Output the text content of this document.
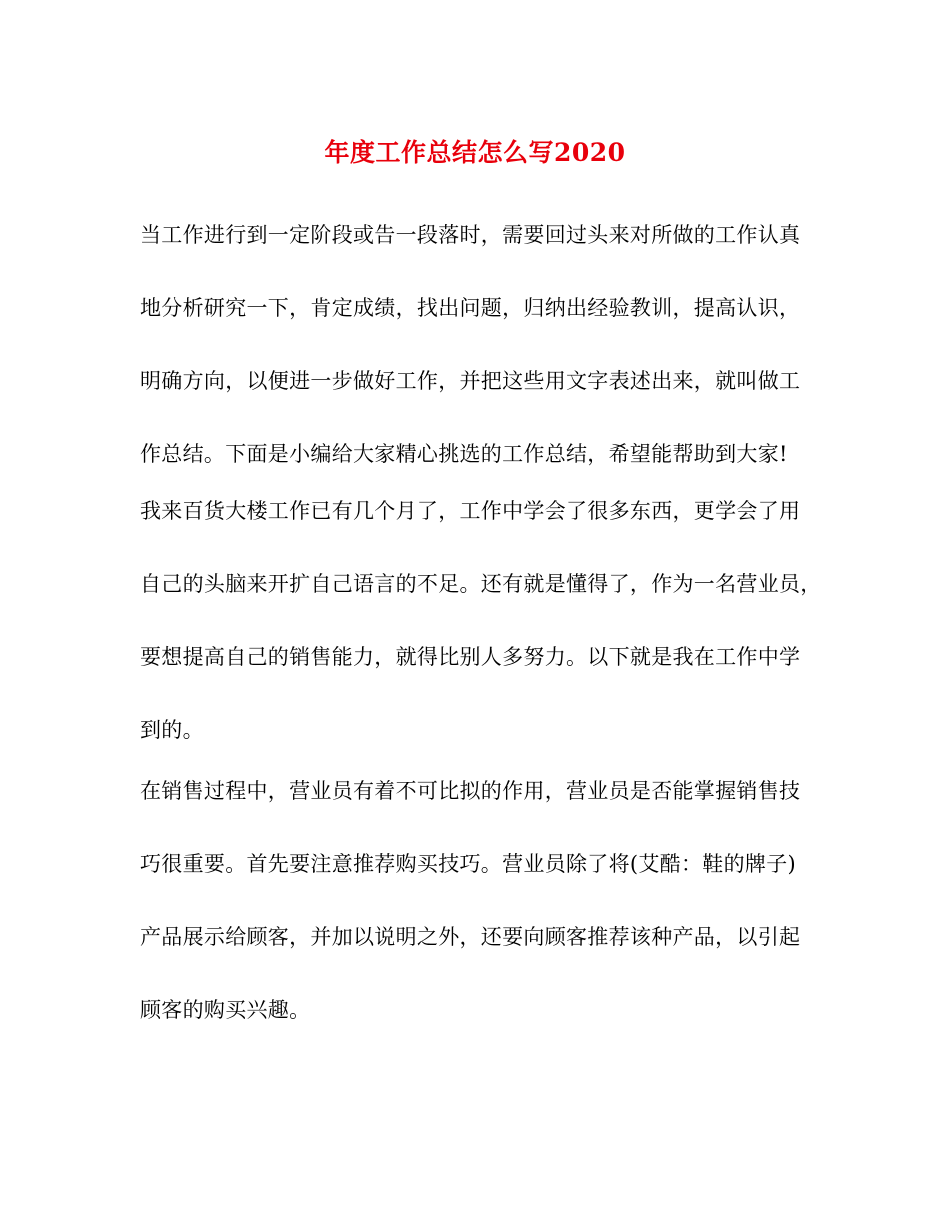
年度工作总结怎么写2020
当工作进行到一定阶段或告一段落时，需要回过头来对所做的工作认真
地分析研究一下，肯定成绩，找出问题，归纳出经验教训，提高认识，
明确方向，以便进一步做好工作，并把这些用文字表述出来，就叫做工
作总结。下面是小编给大家精心挑选的工作总结，希望能帮助到大家!
我来百货大楼工作已有几个月了，工作中学会了很多东西，更学会了用
自己的头脑来开扩自己语言的不足。还有就是懂得了，作为一名营业员，
要想提高自己的销售能力，就得比别人多努力。以下就是我在工作中学
到的。
在销售过程中，营业员有着不可比拟的作用，营业员是否能掌握销售技
巧很重要。首先要注意推荐购买技巧。营业员除了将(艾酷：鞋的牌子)
产品展示给顾客，并加以说明之外，还要向顾客推荐该种产品，以引起
顾客的购买兴趣。
